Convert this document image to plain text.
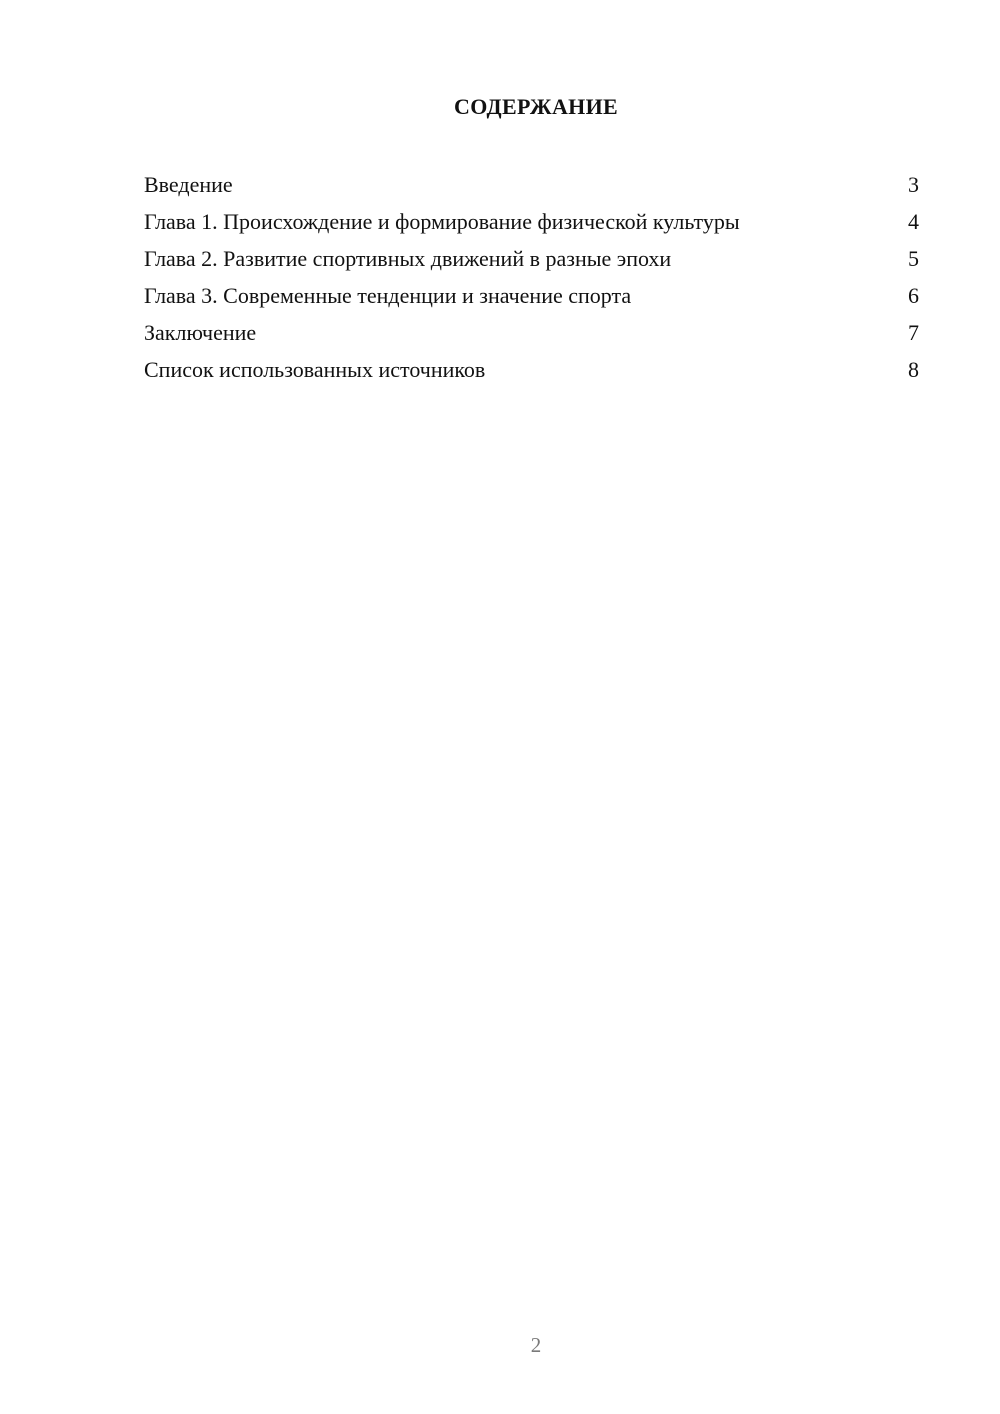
СОДЕРЖАНИЕ
Введение	3
Глава 1. Происхождение и формирование физической культуры	4
Глава 2. Развитие спортивных движений в разные эпохи	5
Глава 3. Современные тенденции и значение спорта	6
Заключение	7
Список использованных источников	8
2
